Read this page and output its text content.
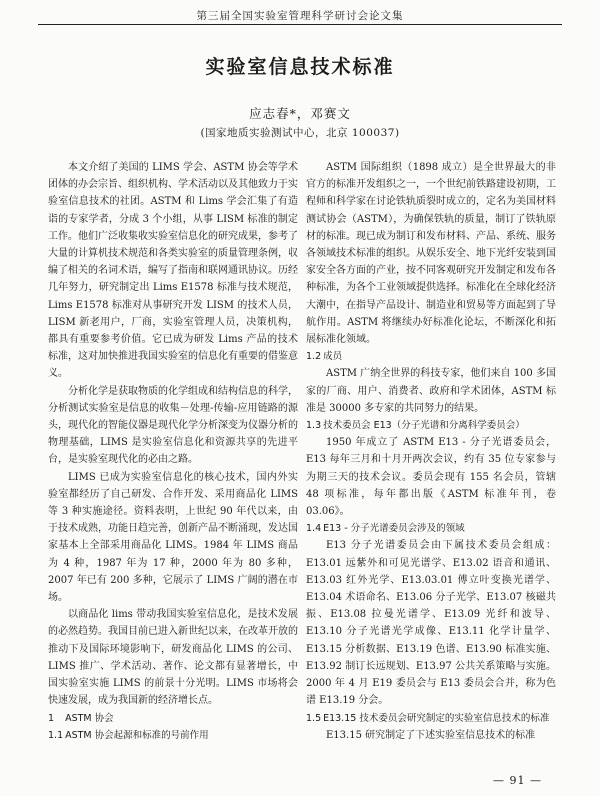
第三届全国实验室管理科学研讨会论文集
实验室信息技术标准
应志春*，邓赛文
(国家地质实验测试中心，北京 100037)

本文介绍了美国的 LIMS 学会、ASTM 协会等学术团体的办会宗旨、组织机构、学术活动以及其他致力于实验室信息技术的社团。ASTM 和 Lims 学会汇集了有造诣的专家学者，分成 3 个小组，从事 LISM 标准的制定工作。他们广泛收集收实验室信息化的研究成果，参考了大量的计算机技术规范和各类实验室的质量管理条例，収编了相关的名词术语，编写了指南和联网通讯协议。历经几年努力，研究制定出 Lims E1578 标准与技术规范，Lims E1578 标准对从事研究开发 LISM 的技术人员，LISM 新老用户，厂商，实验室管理人员，决策机构，都具有重要参考价值。它已成为研发 Lims 产品的技术标准，这对加快推进我国实验室的信息化有重要的借鉴意义。

分析化学是获取物质的化学组成和结构信息的科学，分析测试实验室是信息的收集－处理-传输-应用链路的源头，现代化的智能仪器是现代化学分析深变为仪器分析的物理基础，LIMS 是实验室信息化和资源共享的先进平台，是实验室现代化的必由之路。

LIMS 已成为实验室信息化的核心技术，国内外实验室都经历了自己研发、合作开发、采用商品化 LIMS 等 3 种实施途径。资料表明，上世纪 90 年代以来，由于技术成熟，功能日趋完善，创新产品不断涌现，发达国家基本上全部采用商品化 LIMS。1984 年 LIMS 商品为 4 种，1987 年为 17 种，2000 年为 80 多种，2007 年已有 200 多种，它展示了 LIMS 广阔的潜在市场。

以商品化 lims 带动我国实验室信息化，是技术发展的必然趋势。我国目前已进入新世纪以来，在改革开放的推动下及国际环境影响下，研发商品化 LIMS 的公司、LIMS 推广、学术活动、著作、论文都有显著增长，中国实验室实施 LIMS 的前景十分光明。LIMS 市场将会快速发展，成为我国新的经济增长点。

1 ASTM 协会
1.1 ASTM 协会起源和标准的号前作用

ASTM 国际组织（1898 成立）是全世界最大的非官方的标准开发组织之一，一个世纪前铁路建设初期，工程师和科学家在讨论铁轨质裂时成立的，定名为美国材料测试协会（ASTM），为确保铁轨的质量，制订了铁轨原材的标准。现已成为制订和发布材料、产品、系统、服务各领域技术标准的组织。从娱乐安全、地下光纤安装到国家安全各方面的产业，按不同客观研究开发制定和发布各种标准，为各个工业领域提供选择。标准化在全球化经济大潮中，在指导产品设计、制造业和贸易等方面起到了导航作用。ASTM 将继续办好标准化论坛，不断深化和拓展标准化领域。

1.2 成员

ASTM 广纳全世界的科技专家，他们来自 100 多国家的厂商、用户、消费者、政府和学术团体，ASTM 标准是 30000 多专家的共同努力的结果。

1.3 技术委员会 E13（分子光谱和分离科学委员会）

1950 年成立了 ASTM E13 - 分子光谱委员会，E13 每年三月和十月开两次会议，约有 35 位专家参与为期三天的技术会议。委员会现有 155 名会员，管辖 48 项标准，每年都出版《ASTM 标准年刊，卷 03.06》。

1.4 E13 - 分子光谱委员会涉及的领域

E13 分子光谱委员会由下属技术委员会组成：E13.01 远紫外和可见光谱学、E13.02 语音和通讯、E13.03 红外光学、E13.03.01 傅立叶变换光谱学、E13.04 术语命名、E13.06 分子光学、E13.07 核磁共振、E13.08 拉曼光谱学、E13.09 光纤和波导、E13.10 分子光谱光学成像、E13.11 化学计量学、E13.15 分析数据、E13.19 色谱、E13.90 标准实施、E13.92 制订长远规划、E13.97 公共关系策略与实施。2000 年 4 月 E19 委员会与 E13 委员会合并，称为色谱 E13.19 分会。

1.5 E13.15 技术委员会研究制定的实验室信息技术的标准

E13.15 研究制定了下述实验室信息技术的标准

— 91 —
